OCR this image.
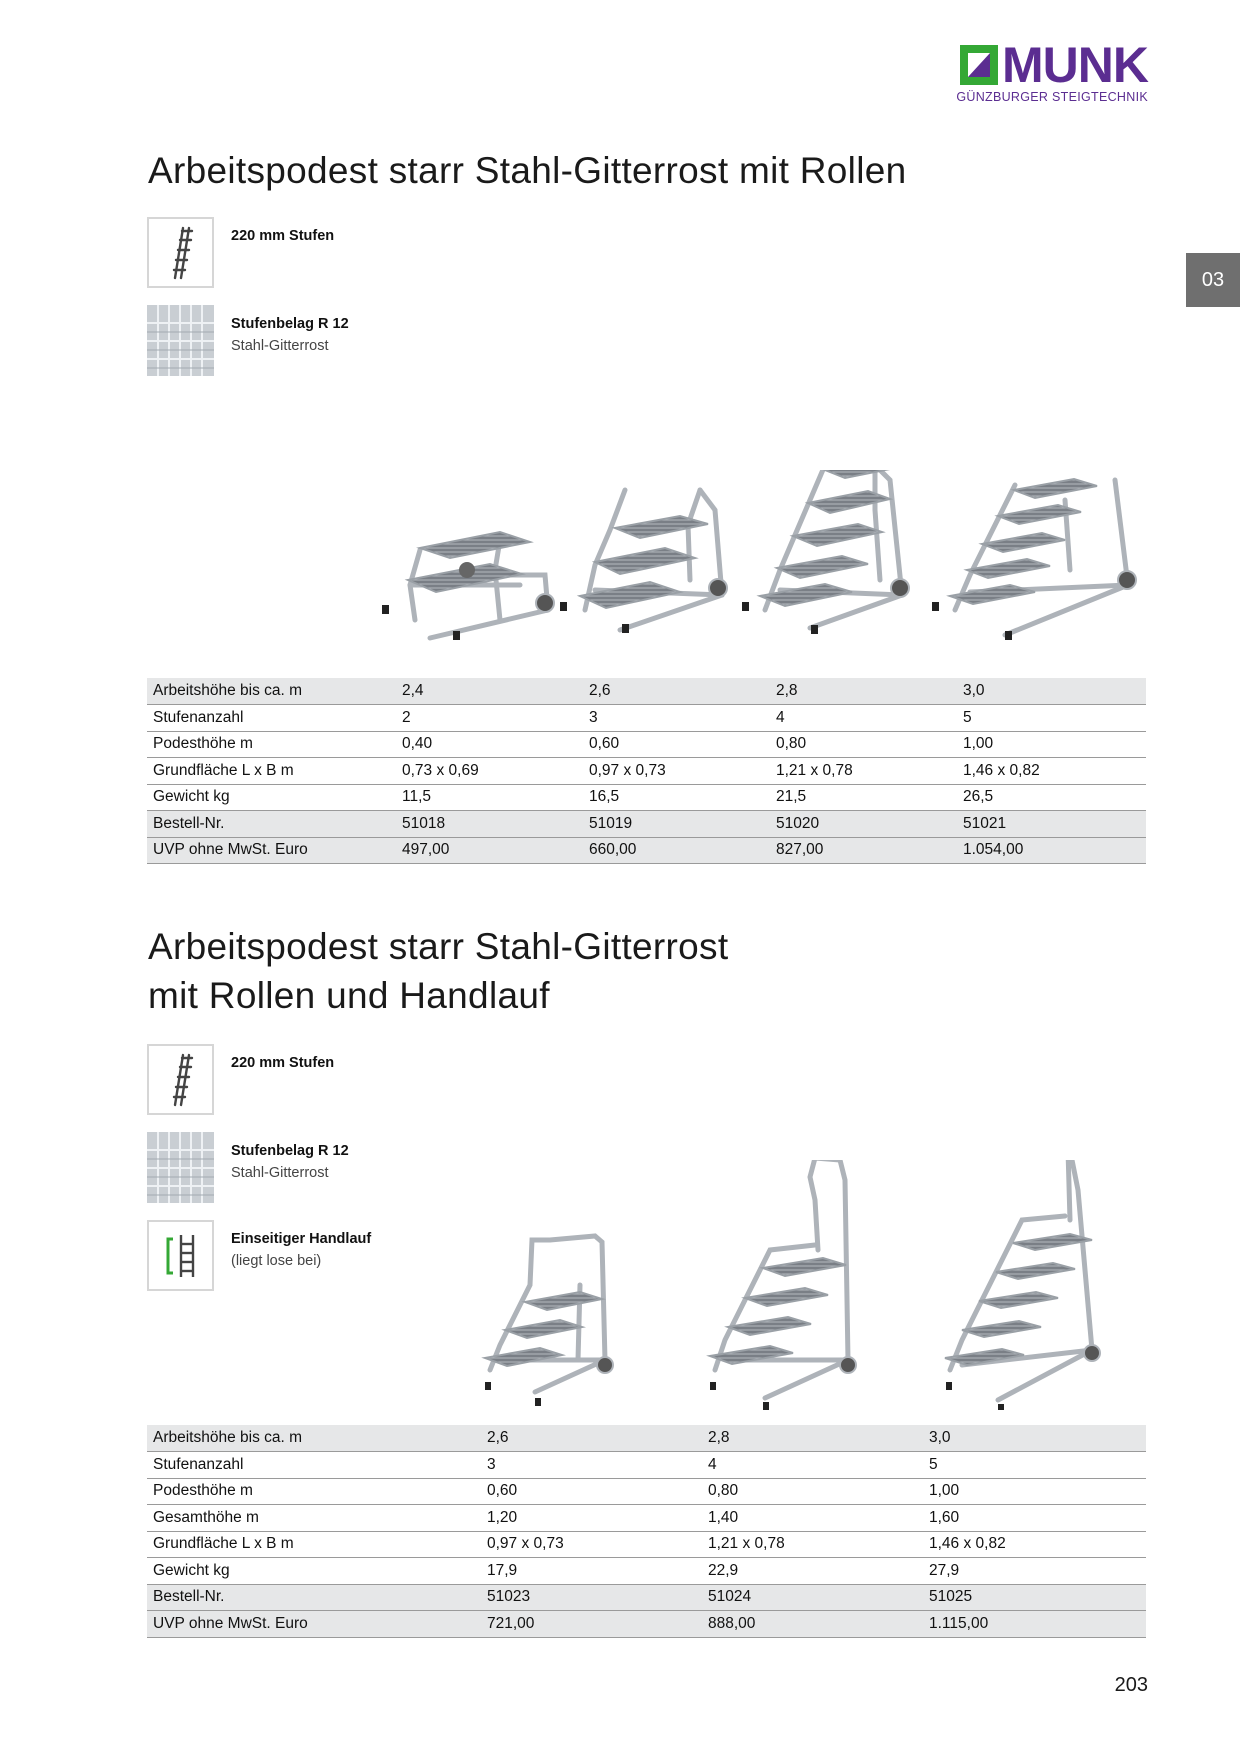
MUNK
GÜNZBURGER STEIGTECHNIK
03
Arbeitspodest starr Stahl-Gitterrost mit Rollen
220 mm Stufen
Stufenbelag R 12
Stahl-Gitterrost
Arbeitshöhe bis ca. m	2,4	2,6	2,8	3,0
Stufenanzahl	2	3	4	5
Podesthöhe m	0,40	0,60	0,80	1,00
Grundfläche L x B m	0,73 x 0,69	0,97 x 0,73	1,21 x 0,78	1,46 x 0,82
Gewicht kg	11,5	16,5	21,5	26,5
Bestell-Nr.	51018	51019	51020	51021
UVP ohne MwSt. Euro	497,00	660,00	827,00	1.054,00
Arbeitspodest starr Stahl-Gitterrost
mit Rollen und Handlauf
220 mm Stufen
Stufenbelag R 12
Stahl-Gitterrost
Einseitiger Handlauf
(liegt lose bei)
Arbeitshöhe bis ca. m	2,6	2,8	3,0
Stufenanzahl	3	4	5
Podesthöhe m	0,60	0,80	1,00
Gesamthöhe m	1,20	1,40	1,60
Grundfläche L x B m	0,97 x 0,73	1,21 x 0,78	1,46 x 0,82
Gewicht kg	17,9	22,9	27,9
Bestell-Nr.	51023	51024	51025
UVP ohne MwSt. Euro	721,00	888,00	1.115,00
203
